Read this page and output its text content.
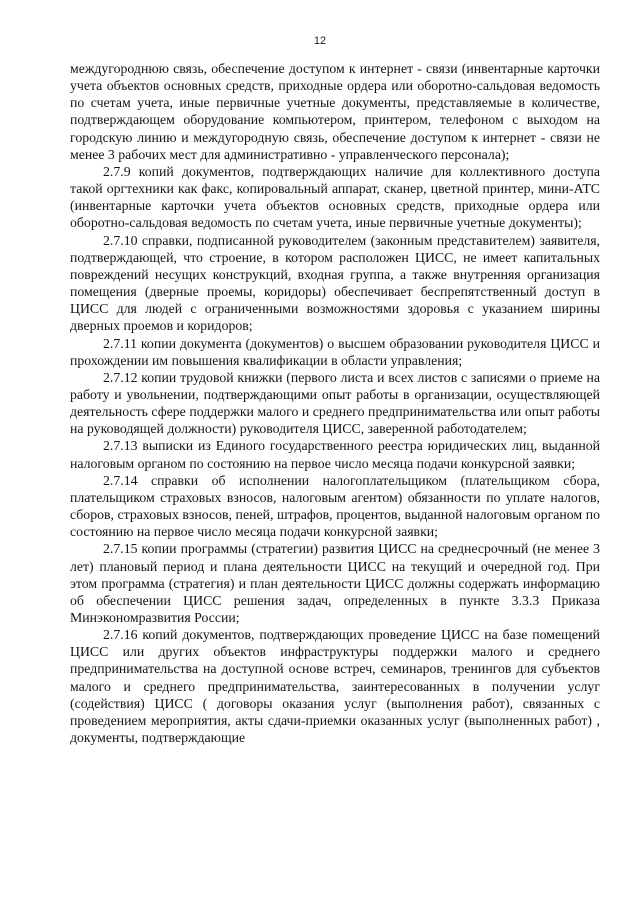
12

междугороднюю связь, обеспечение доступом к интернет - связи (инвентарные карточки учета объектов основных средств, приходные ордера или оборотно-сальдовая ведомость по счетам учета, иные первичные учетные документы, представляемые в количестве, подтверждающем оборудование компьютером, принтером, телефоном с выходом на городскую линию и междугородную связь, обеспечение доступом к интернет - связи не менее 3 рабочих мест для административно - управленческого персонала);

2.7.9 копий документов, подтверждающих наличие для коллективного доступа такой оргтехники как факс, копировальный аппарат, сканер, цветной принтер, мини-АТС (инвентарные карточки учета объектов основных средств, приходные ордера или оборотно-сальдовая ведомость по счетам учета, иные первичные учетные документы);

2.7.10 справки, подписанной руководителем (законным представителем) заявителя, подтверждающей, что строение, в котором расположен ЦИСС, не имеет капитальных повреждений несущих конструкций, входная группа, а также внутренняя организация помещения (дверные проемы, коридоры) обеспечивает беспрепятственный доступ в ЦИСС для людей с ограниченными возможностями здоровья с указанием ширины дверных проемов и коридоров;

2.7.11 копии документа (документов) о высшем образовании руководителя ЦИСС и прохождении им повышения квалификации в области управления;

2.7.12 копии трудовой книжки (первого листа и всех листов с записями о приеме на работу и увольнении, подтверждающими опыт работы в организации, осуществляющей деятельность сфере поддержки малого и среднего предпринимательства или опыт работы на руководящей должности) руководителя ЦИСС, заверенной работодателем;

2.7.13 выписки из Единого государственного реестра юридических лиц, выданной налоговым органом по состоянию на первое число месяца подачи конкурсной заявки;

2.7.14 справки об исполнении налогоплательщиком (плательщиком сбора, плательщиком страховых взносов, налоговым агентом) обязанности по уплате налогов, сборов, страховых взносов, пеней, штрафов, процентов, выданной налоговым органом по состоянию на первое число месяца подачи конкурсной заявки;

2.7.15 копии программы (стратегии) развития ЦИСС на среднесрочный (не менее 3 лет) плановый период и плана деятельности ЦИСС на текущий и очередной год. При этом программа (стратегия) и план деятельности ЦИСС должны содержать информацию об обеспечении ЦИСС решения задач, определенных в пункте 3.3.3 Приказа Минэкономразвития России;

2.7.16 копий документов, подтверждающих проведение ЦИСС на базе помещений ЦИСС или других объектов инфраструктуры поддержки малого и среднего предпринимательства на доступной основе встреч, семинаров, тренингов для субъектов малого и среднего предпринимательства, заинтересованных в получении услуг (содействия) ЦИСС ( договоры оказания услуг (выполнения работ), связанных с проведением мероприятия, акты сдачи-приемки оказанных услуг (выполненных работ) , документы, подтверждающие
